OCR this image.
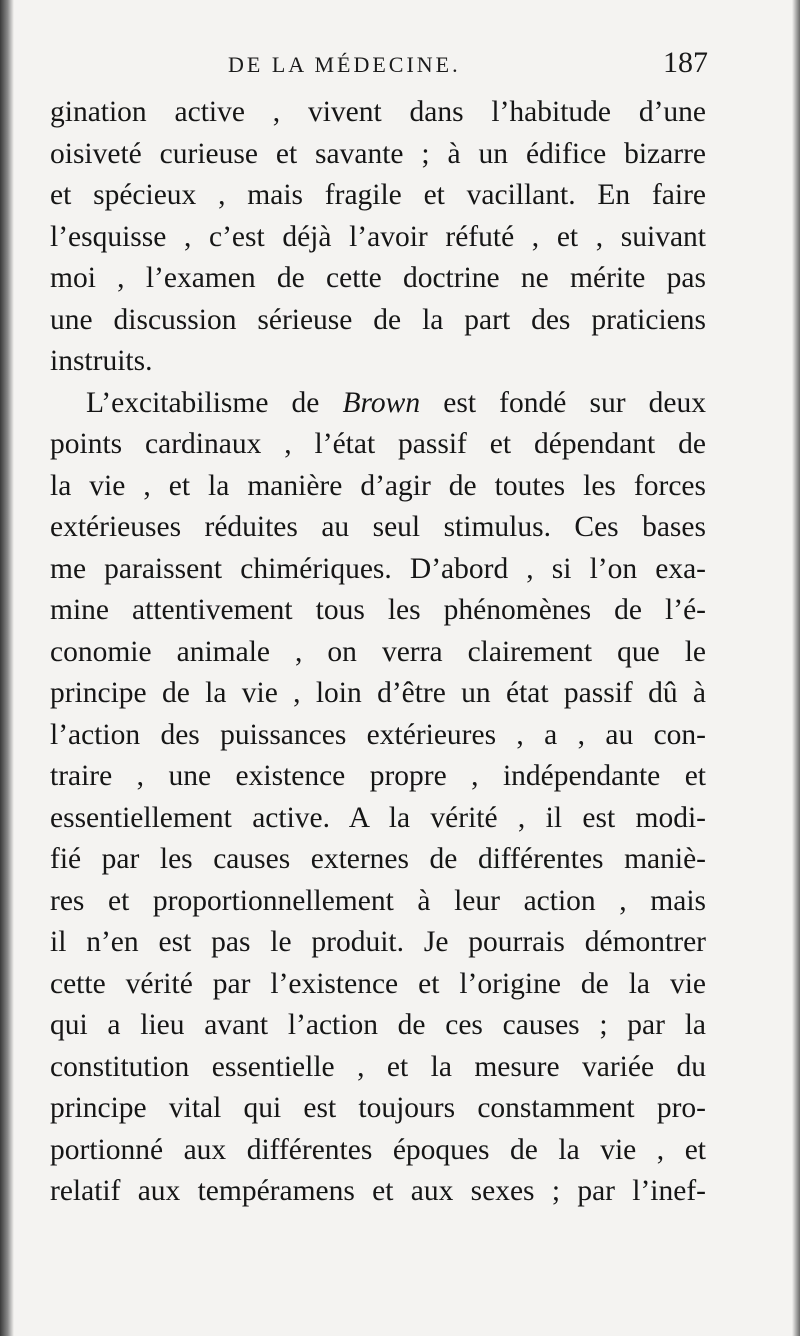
DE LA MÉDECINE.	187
gination active , vivent dans l’habitude d’une
oisiveté curieuse et savante ; à un édifice bizarre
et spécieux , mais fragile et vacillant. En faire
l’esquisse , c’est déjà l’avoir réfuté , et , suivant
moi , l’examen de cette doctrine ne mérite pas
une discussion sérieuse de la part des praticiens
instruits.
L’excitabilisme de Brown est fondé sur deux
points cardinaux , l’état passif et dépendant de
la vie , et la manière d’agir de toutes les forces
extérieuses réduites au seul stimulus. Ces bases
me paraissent chimériques. D’abord , si l’on exa-
mine attentivement tous les phénomènes de l’é-
conomie animale , on verra clairement que le
principe de la vie , loin d’être un état passif dû à
l’action des puissances extérieures , a , au con-
traire , une existence propre , indépendante et
essentiellement active. A la vérité , il est modi-
fié par les causes externes de différentes maniè-
res et proportionnellement à leur action , mais
il n’en est pas le produit. Je pourrais démontrer
cette vérité par l’existence et l’origine de la vie
qui a lieu avant l’action de ces causes ; par la
constitution essentielle , et la mesure variée du
principe vital qui est toujours constamment pro-
portionné aux différentes époques de la vie , et
relatif aux tempéramens et aux sexes ; par l’inef-
